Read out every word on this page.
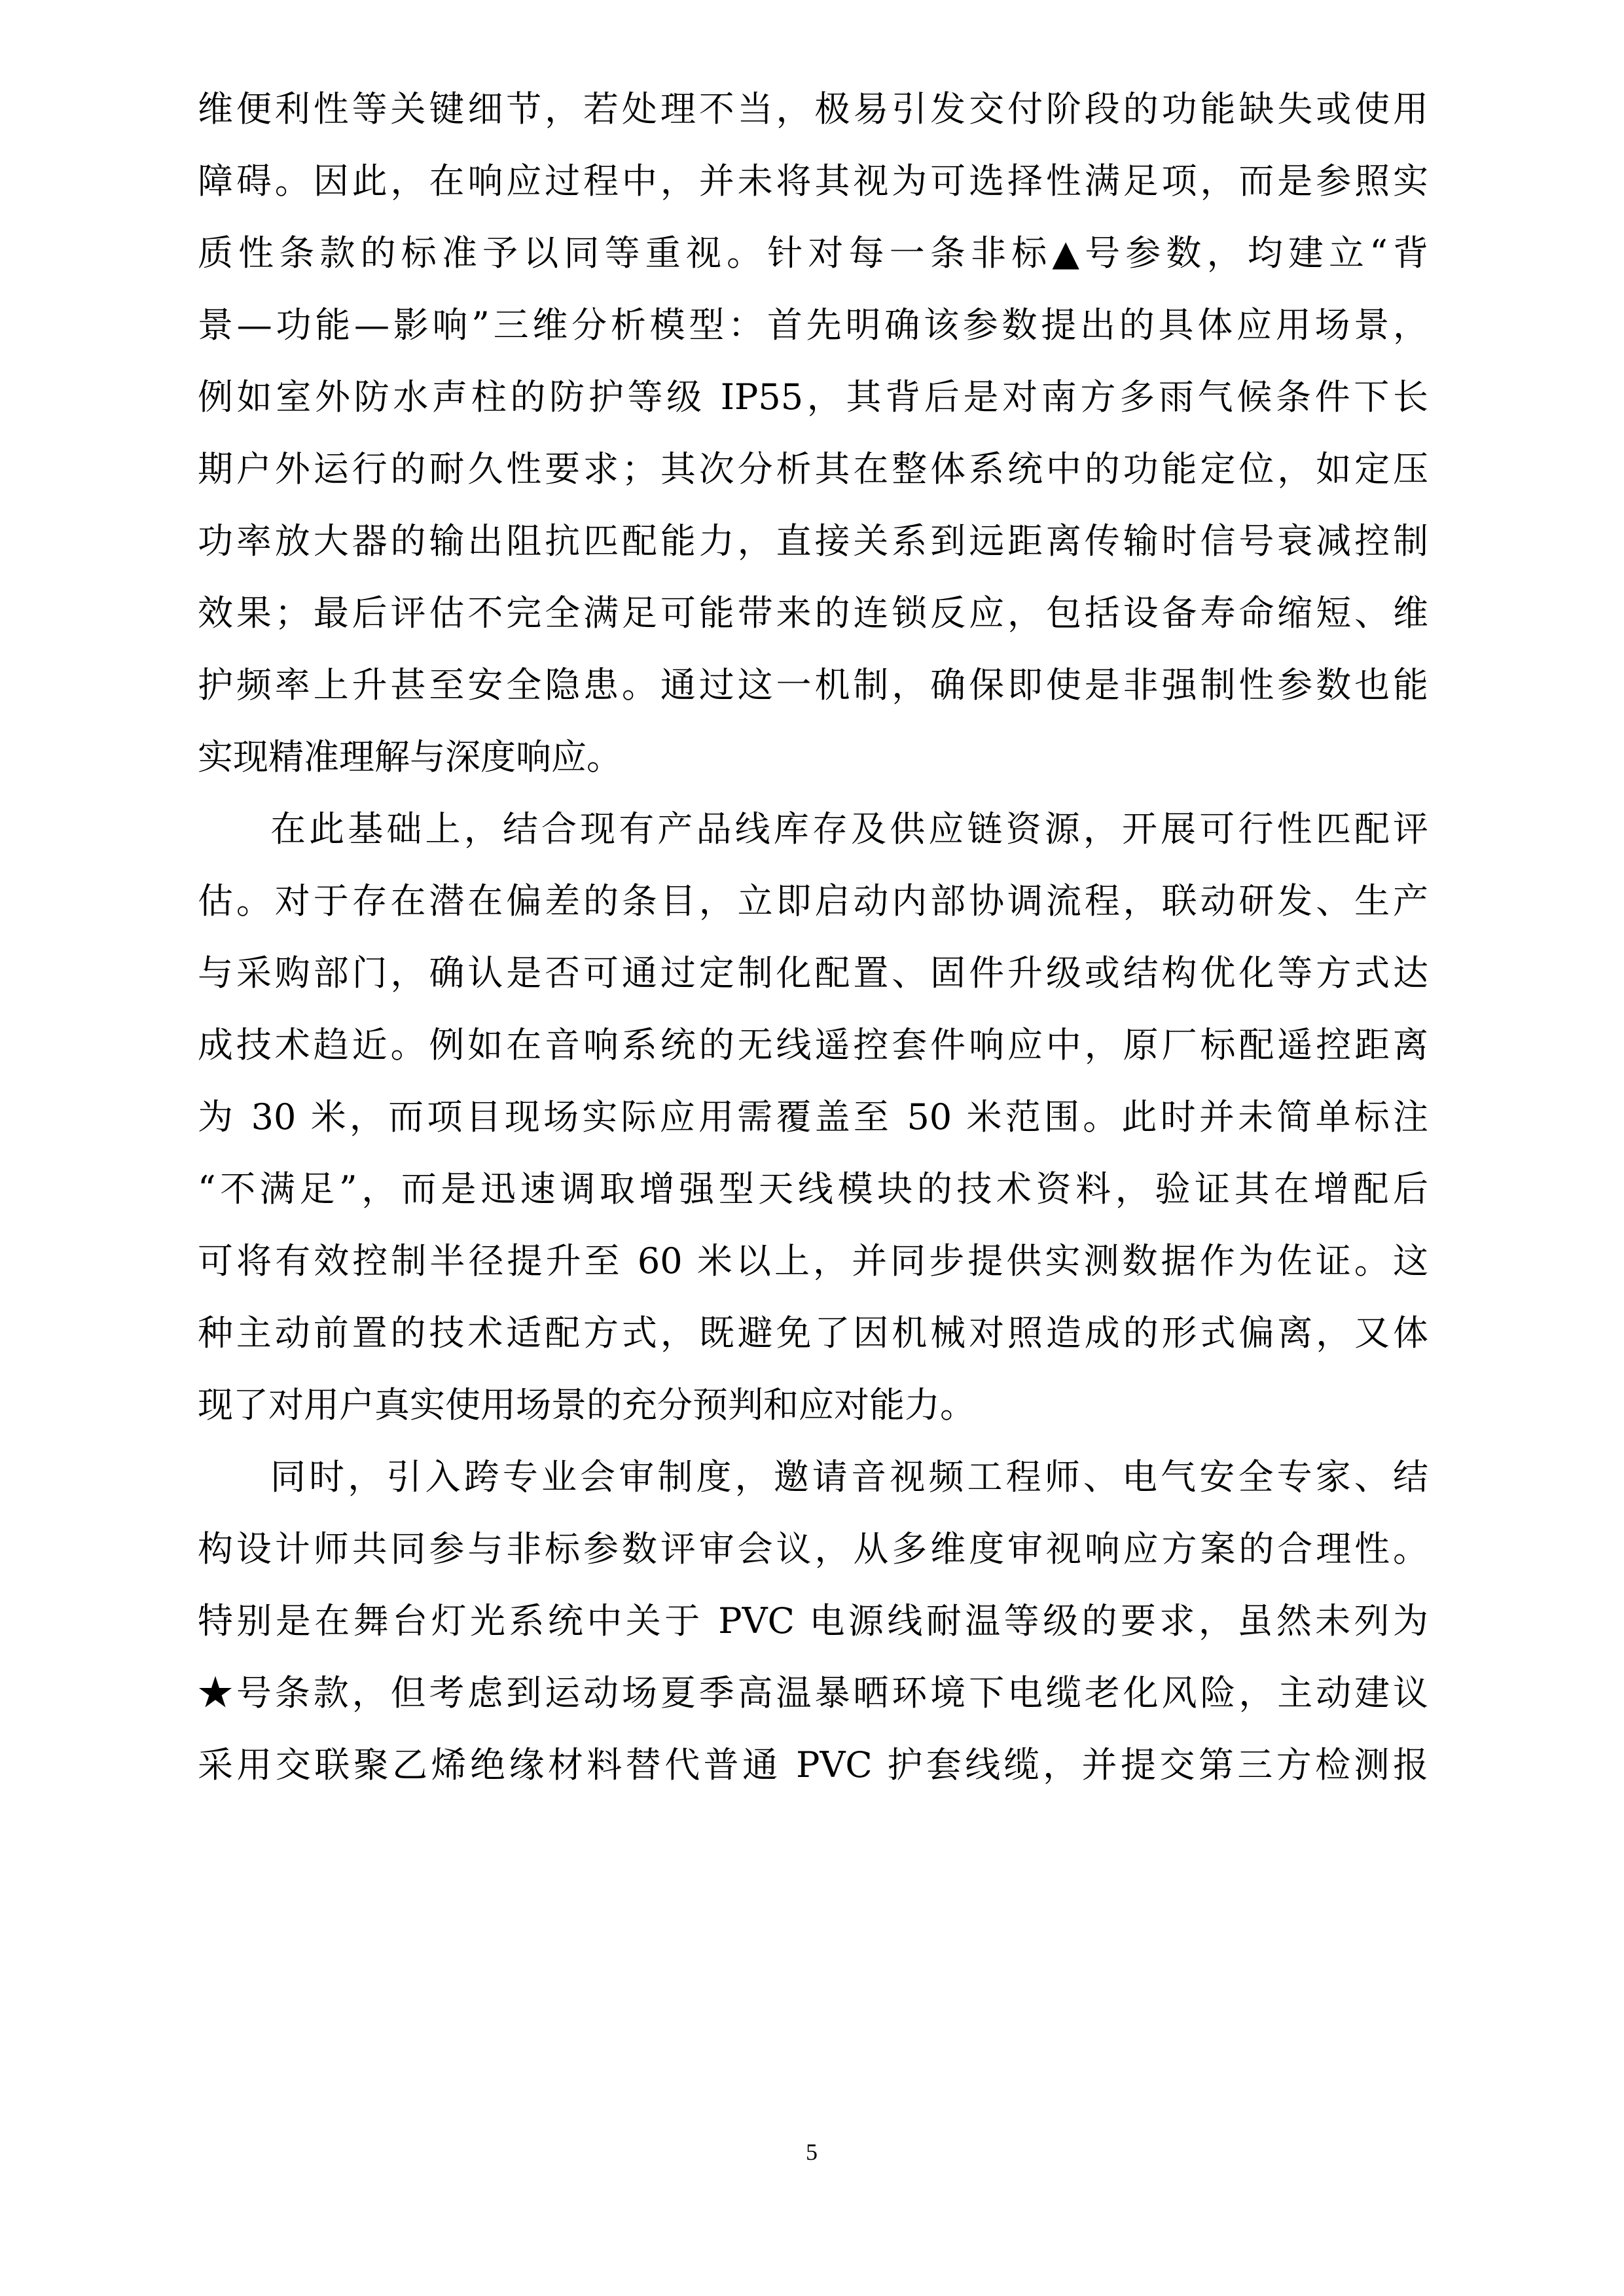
维便利性等关键细节，若处理不当，极易引发交付阶段的功能缺失或使用
障碍。因此，在响应过程中，并未将其视为可选择性满足项，而是参照实
质性条款的标准予以同等重视。针对每一条非标▲号参数，均建立“背
景—功能—影响”三维分析模型：首先明确该参数提出的具体应用场景，
例如室外防水声柱的防护等级 IP55，其背后是对南方多雨气候条件下长
期户外运行的耐久性要求；其次分析其在整体系统中的功能定位，如定压
功率放大器的输出阻抗匹配能力，直接关系到远距离传输时信号衰减控制
效果；最后评估不完全满足可能带来的连锁反应，包括设备寿命缩短、维
护频率上升甚至安全隐患。通过这一机制，确保即使是非强制性参数也能
实现精准理解与深度响应。
在此基础上，结合现有产品线库存及供应链资源，开展可行性匹配评
估。对于存在潜在偏差的条目，立即启动内部协调流程，联动研发、生产
与采购部门，确认是否可通过定制化配置、固件升级或结构优化等方式达
成技术趋近。例如在音响系统的无线遥控套件响应中，原厂标配遥控距离
为 30 米，而项目现场实际应用需覆盖至 50 米范围。此时并未简单标注
“不满足”，而是迅速调取增强型天线模块的技术资料，验证其在增配后
可将有效控制半径提升至 60 米以上，并同步提供实测数据作为佐证。这
种主动前置的技术适配方式，既避免了因机械对照造成的形式偏离，又体
现了对用户真实使用场景的充分预判和应对能力。
同时，引入跨专业会审制度，邀请音视频工程师、电气安全专家、结
构设计师共同参与非标参数评审会议，从多维度审视响应方案的合理性。
特别是在舞台灯光系统中关于 PVC 电源线耐温等级的要求，虽然未列为
★号条款，但考虑到运动场夏季高温暴晒环境下电缆老化风险，主动建议
采用交联聚乙烯绝缘材料替代普通 PVC 护套线缆，并提交第三方检测报
5
